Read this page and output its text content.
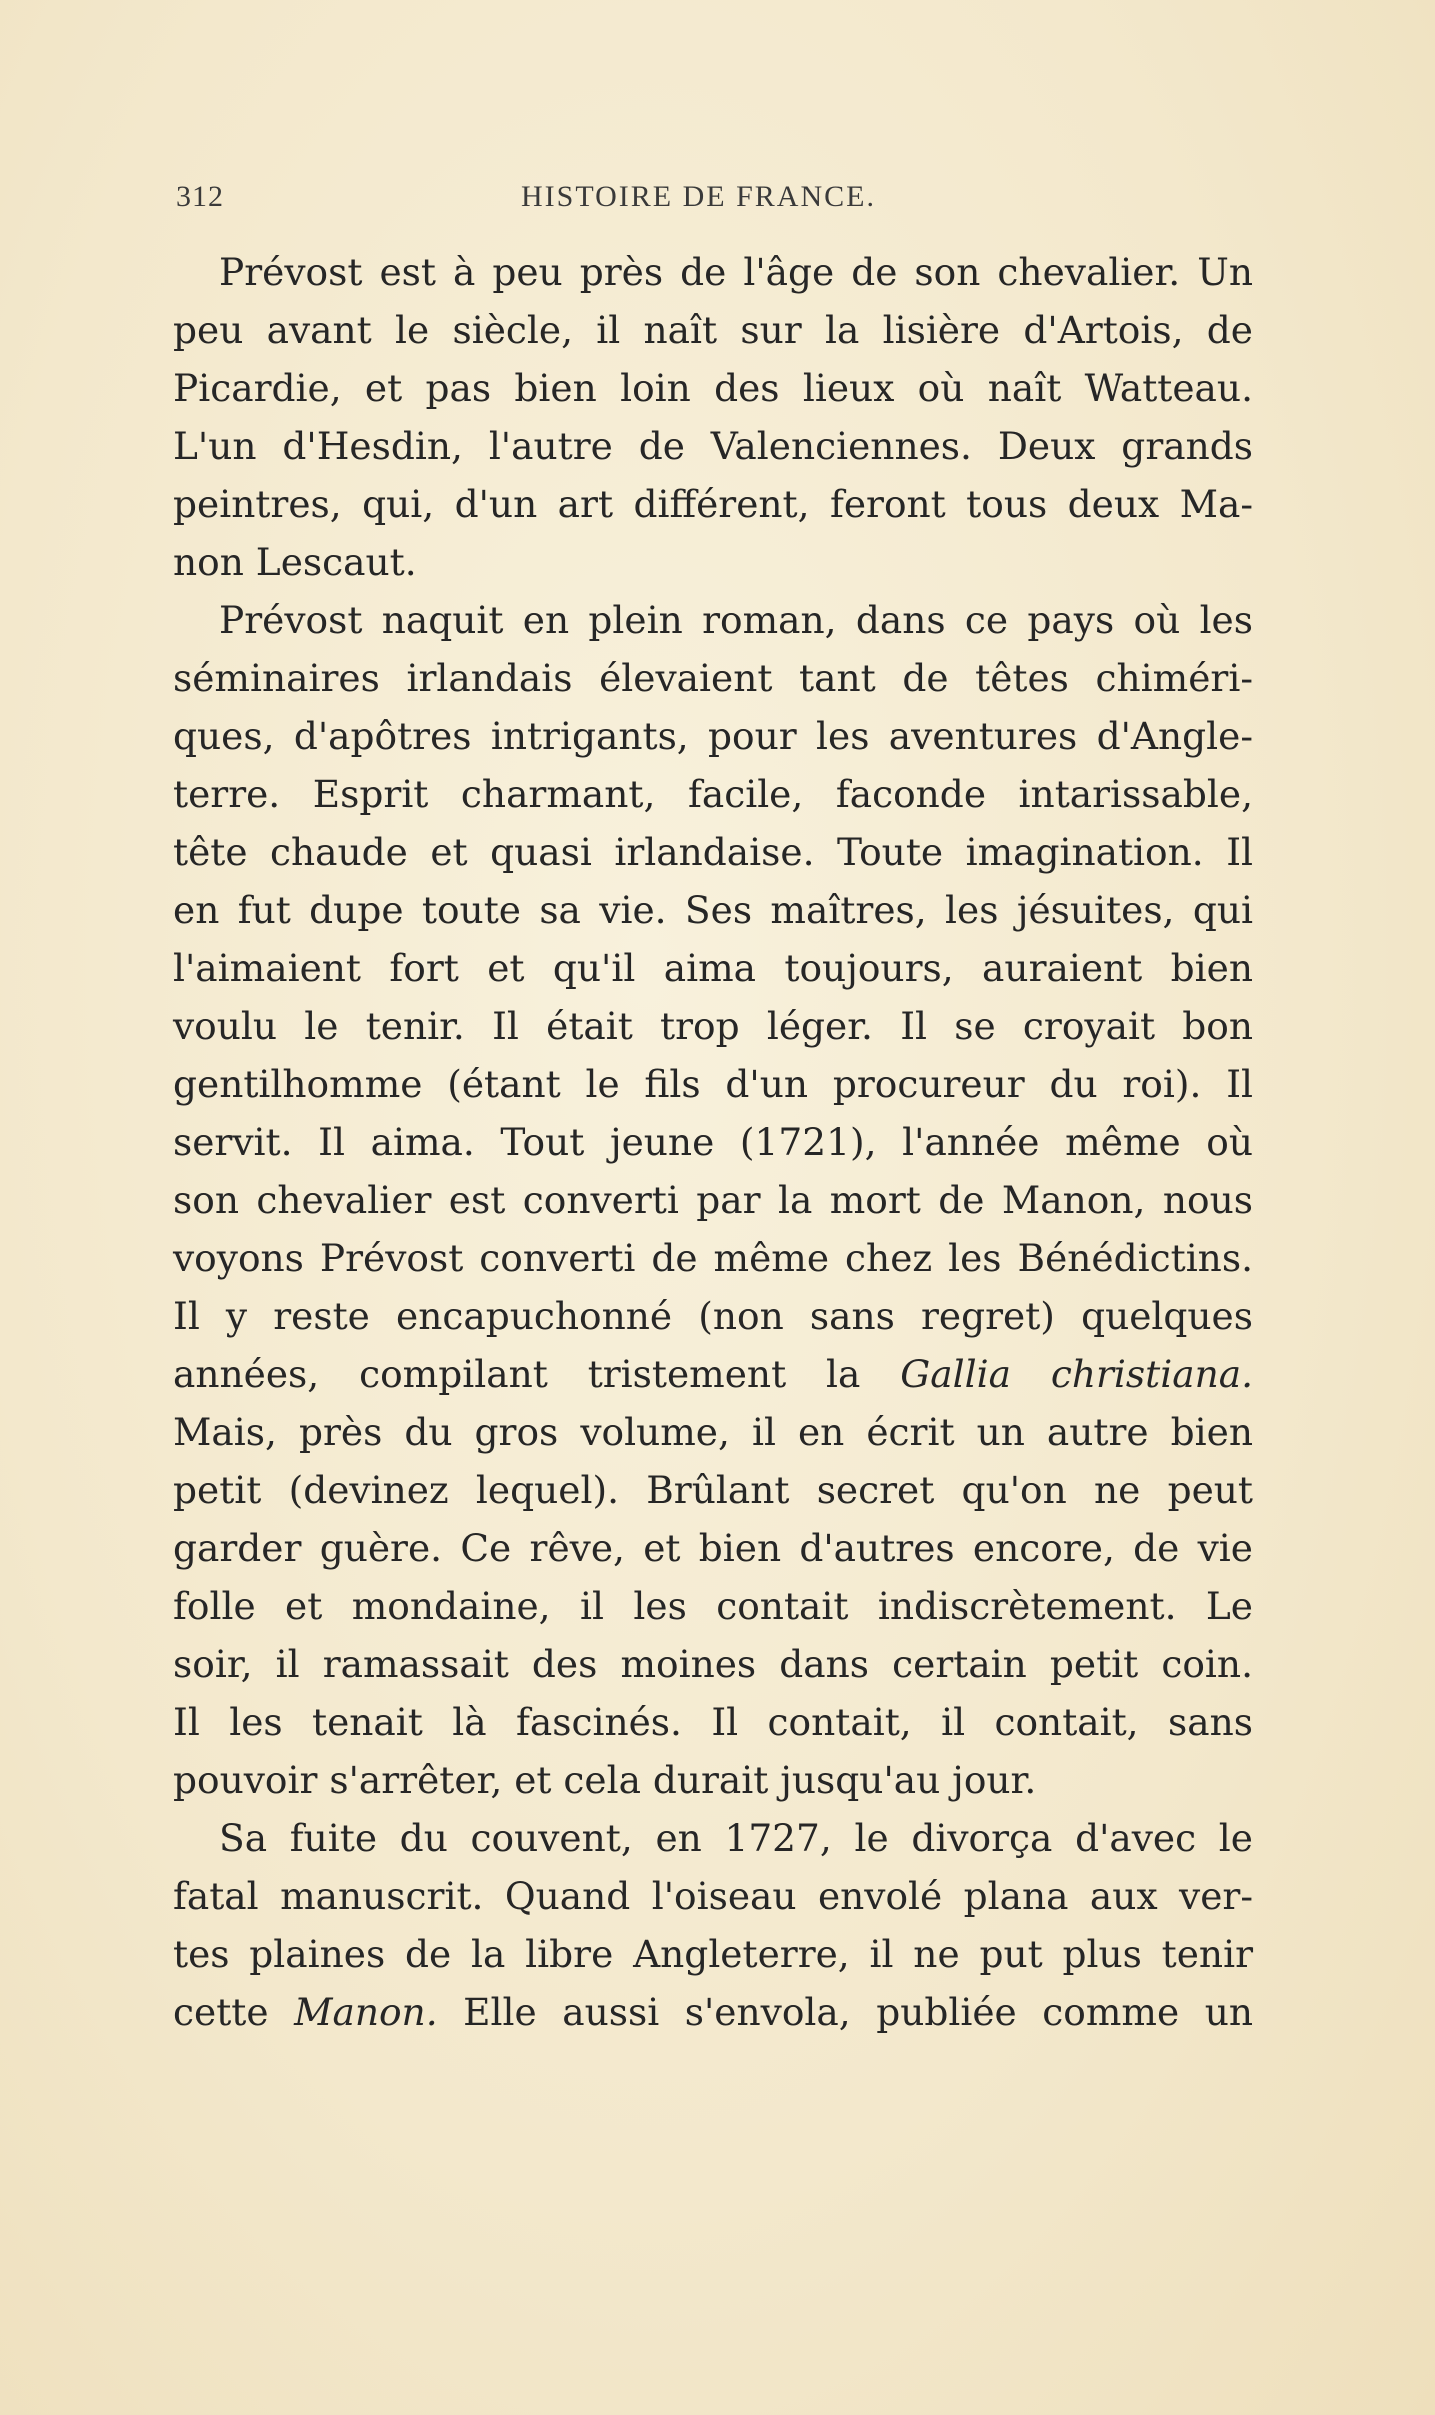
312	HISTOIRE DE FRANCE.
Prévost est à peu près de l'âge de son chevalier. Un
peu avant le siècle, il naît sur la lisière d'Artois, de
Picardie, et pas bien loin des lieux où naît Watteau.
L'un d'Hesdin, l'autre de Valenciennes. Deux grands
peintres, qui, d'un art différent, feront tous deux Ma-
non Lescaut.
Prévost naquit en plein roman, dans ce pays où les
séminaires irlandais élevaient tant de têtes chiméri-
ques, d'apôtres intrigants, pour les aventures d'Angle-
terre. Esprit charmant, facile, faconde intarissable,
tête chaude et quasi irlandaise. Toute imagination. Il
en fut dupe toute sa vie. Ses maîtres, les jésuites, qui
l'aimaient fort et qu'il aima toujours, auraient bien
voulu le tenir. Il était trop léger. Il se croyait bon
gentilhomme (étant le fils d'un procureur du roi). Il
servit. Il aima. Tout jeune (1721), l'année même où
son chevalier est converti par la mort de Manon, nous
voyons Prévost converti de même chez les Bénédictins.
Il y reste encapuchonné (non sans regret) quelques
années, compilant tristement la Gallia christiana.
Mais, près du gros volume, il en écrit un autre bien
petit (devinez lequel). Brûlant secret qu'on ne peut
garder guère. Ce rêve, et bien d'autres encore, de vie
folle et mondaine, il les contait indiscrètement. Le
soir, il ramassait des moines dans certain petit coin.
Il les tenait là fascinés. Il contait, il contait, sans
pouvoir s'arrêter, et cela durait jusqu'au jour.
Sa fuite du couvent, en 1727, le divorça d'avec le
fatal manuscrit. Quand l'oiseau envolé plana aux ver-
tes plaines de la libre Angleterre, il ne put plus tenir
cette Manon. Elle aussi s'envola, publiée comme un
